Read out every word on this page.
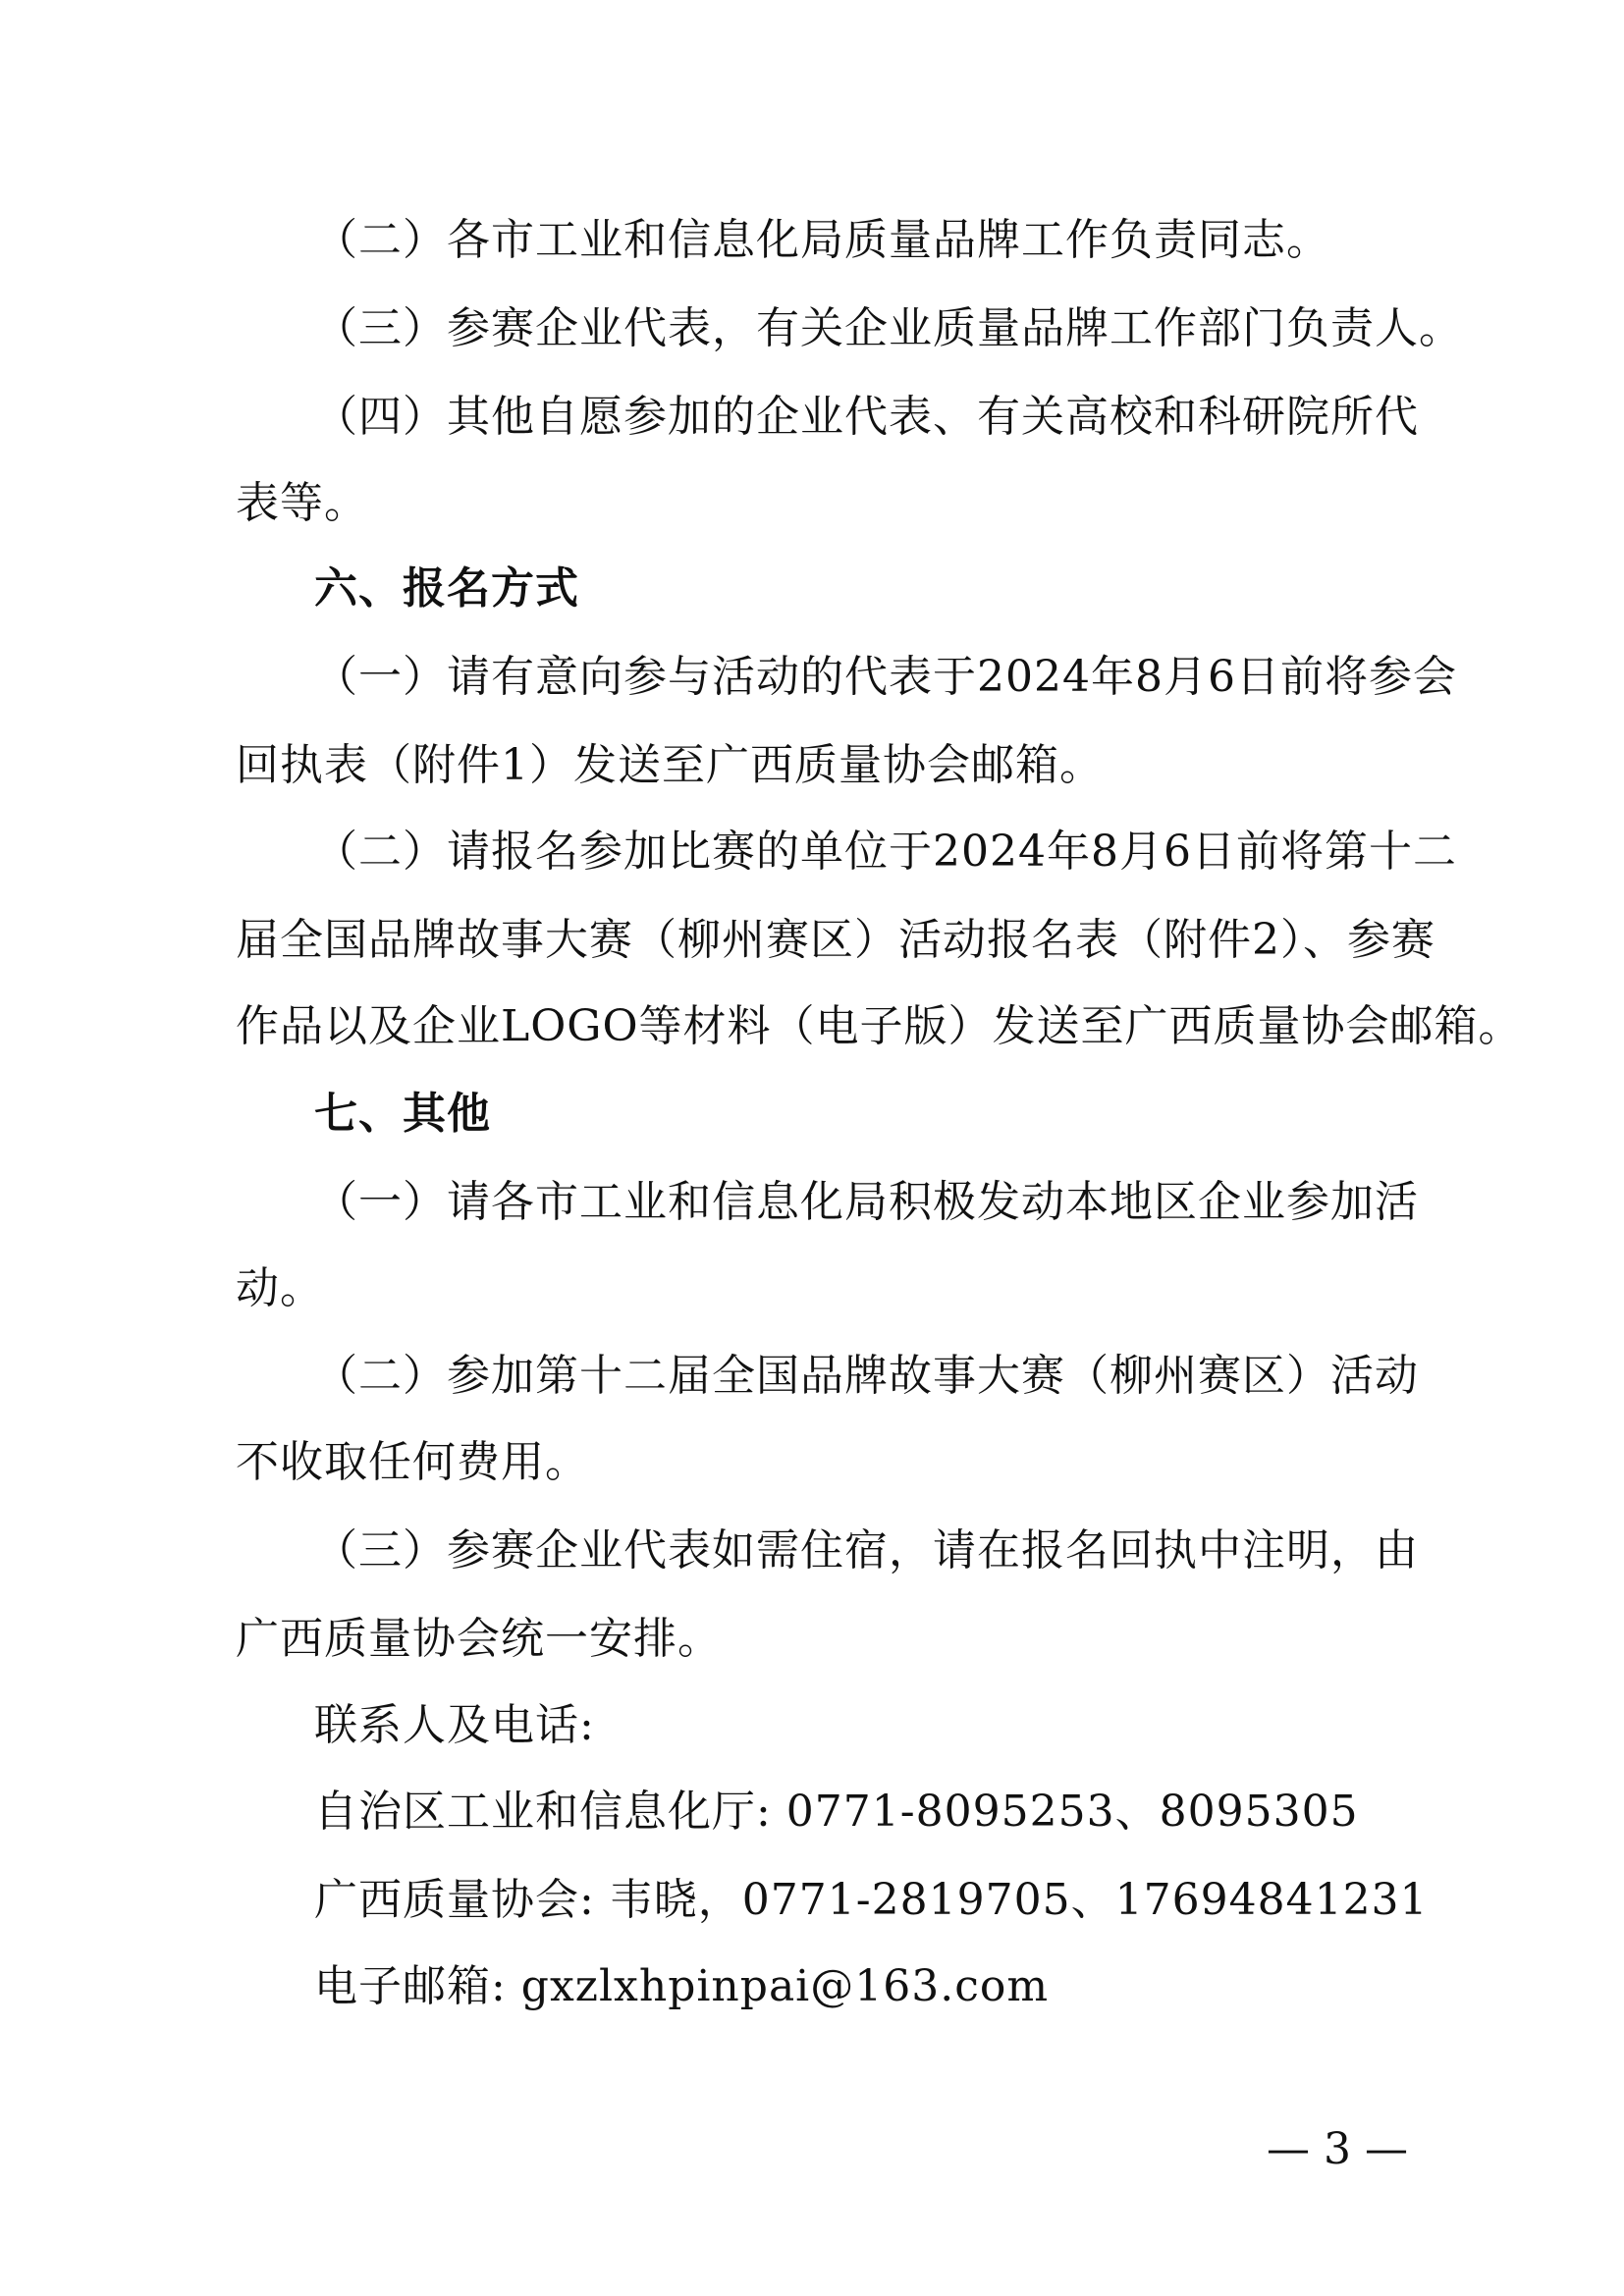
（二）各市工业和信息化局质量品牌工作负责同志。
（三）参赛企业代表，有关企业质量品牌工作部门负责人。
（四）其他自愿参加的企业代表、有关高校和科研院所代
表等。
六、报名方式
（一）请有意向参与活动的代表于2024年8月6日前将参会
回执表（附件1）发送至广西质量协会邮箱。
（二）请报名参加比赛的单位于2024年8月6日前将第十二
届全国品牌故事大赛（柳州赛区）活动报名表（附件2）、参赛
作品以及企业LOGO等材料（电子版）发送至广西质量协会邮箱。
七、其他
（一）请各市工业和信息化局积极发动本地区企业参加活
动。
（二）参加第十二届全国品牌故事大赛（柳州赛区）活动
不收取任何费用。
（三）参赛企业代表如需住宿，请在报名回执中注明，由
广西质量协会统一安排。
联系人及电话:
自治区工业和信息化厅: 0771-8095253、8095305
广西质量协会: 韦晓，0771-2819705、17694841231
电子邮箱: gxzlxhpinpai@163.com
— 3 —
